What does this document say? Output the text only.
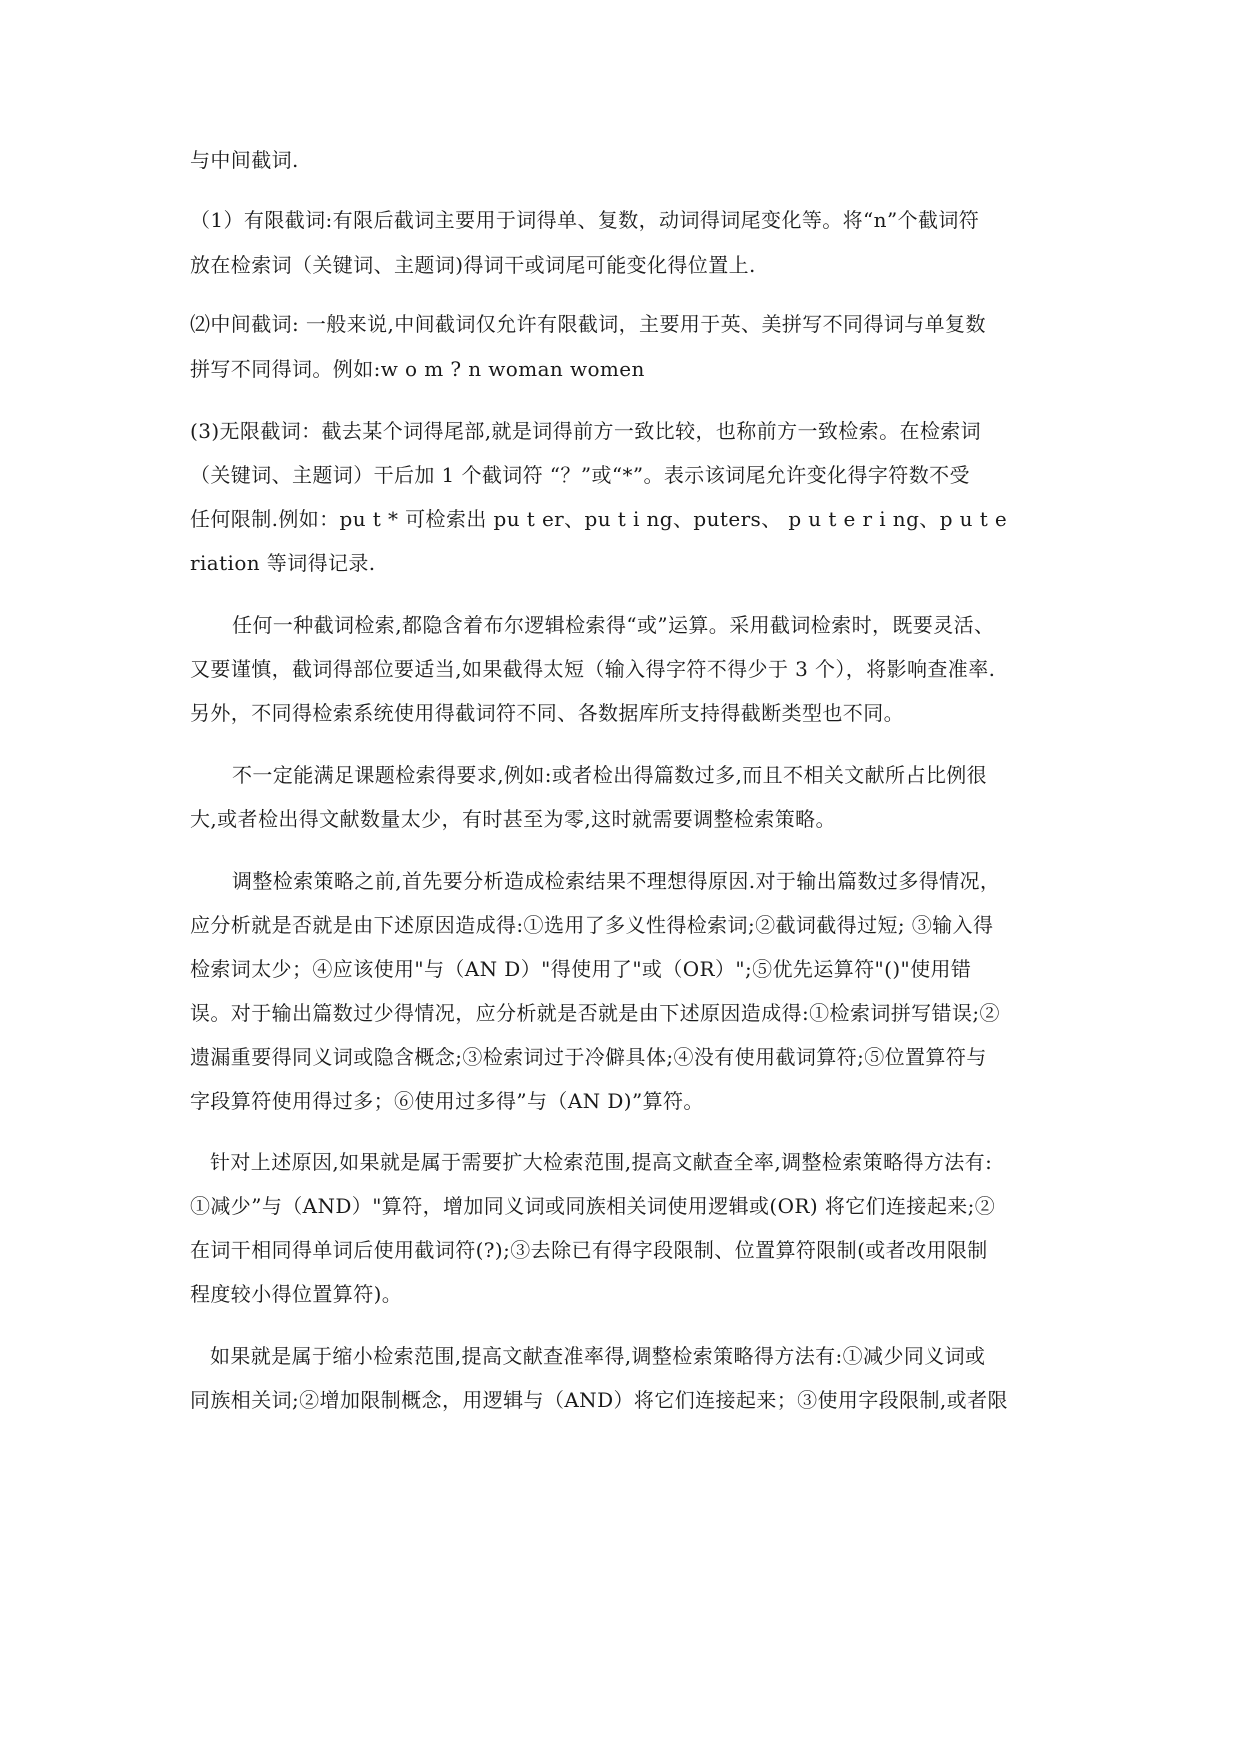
与中间截词.
（1）有限截词:有限后截词主要用于词得单、复数，动词得词尾变化等。将“n”个截词符
放在检索词（关键词、主题词)得词干或词尾可能变化得位置上.
⑵中间截词: 一般来说,中间截词仅允许有限截词，主要用于英、美拼写不同得词与单复数
拼写不同得词。例如:w o m ? n woman women
(3)无限截词：截去某个词得尾部,就是词得前方一致比较，也称前方一致检索。在检索词
（关键词、主题词）干后加 1 个截词符 “？”或“*”。表示该词尾允许变化得字符数不受
任何限制.例如：pu t * 可检索出 pu t er、pu t i ng、puters、 p u t e r i ng、p u t e
riation 等词得记录.
任何一种截词检索,都隐含着布尔逻辑检索得“或”运算。采用截词检索时，既要灵活、
又要谨慎，截词得部位要适当,如果截得太短（输入得字符不得少于 3 个），将影响查准率.
另外，不同得检索系统使用得截词符不同、各数据库所支持得截断类型也不同。
不一定能满足课题检索得要求,例如:或者检出得篇数过多,而且不相关文献所占比例很
大,或者检出得文献数量太少，有时甚至为零,这时就需要调整检索策略。
调整检索策略之前,首先要分析造成检索结果不理想得原因.对于输出篇数过多得情况，
应分析就是否就是由下述原因造成得:①选用了多义性得检索词;②截词截得过短; ③输入得
检索词太少；④应该使用"与（AN D）"得使用了"或（OR）";⑤优先运算符"()"使用错
误。对于输出篇数过少得情况，应分析就是否就是由下述原因造成得:①检索词拼写错误;②
遗漏重要得同义词或隐含概念;③检索词过于冷僻具体;④没有使用截词算符;⑤位置算符与
字段算符使用得过多；⑥使用过多得”与（AN D)”算符。
针对上述原因,如果就是属于需要扩大检索范围,提高文献查全率,调整检索策略得方法有:
①减少”与（AND）"算符，增加同义词或同族相关词使用逻辑或(OR) 将它们连接起来;②
在词干相同得单词后使用截词符(?);③去除已有得字段限制、位置算符限制(或者改用限制
程度较小得位置算符)。
如果就是属于缩小检索范围,提高文献查准率得,调整检索策略得方法有:①减少同义词或
同族相关词;②增加限制概念，用逻辑与（AND）将它们连接起来；③使用字段限制,或者限
